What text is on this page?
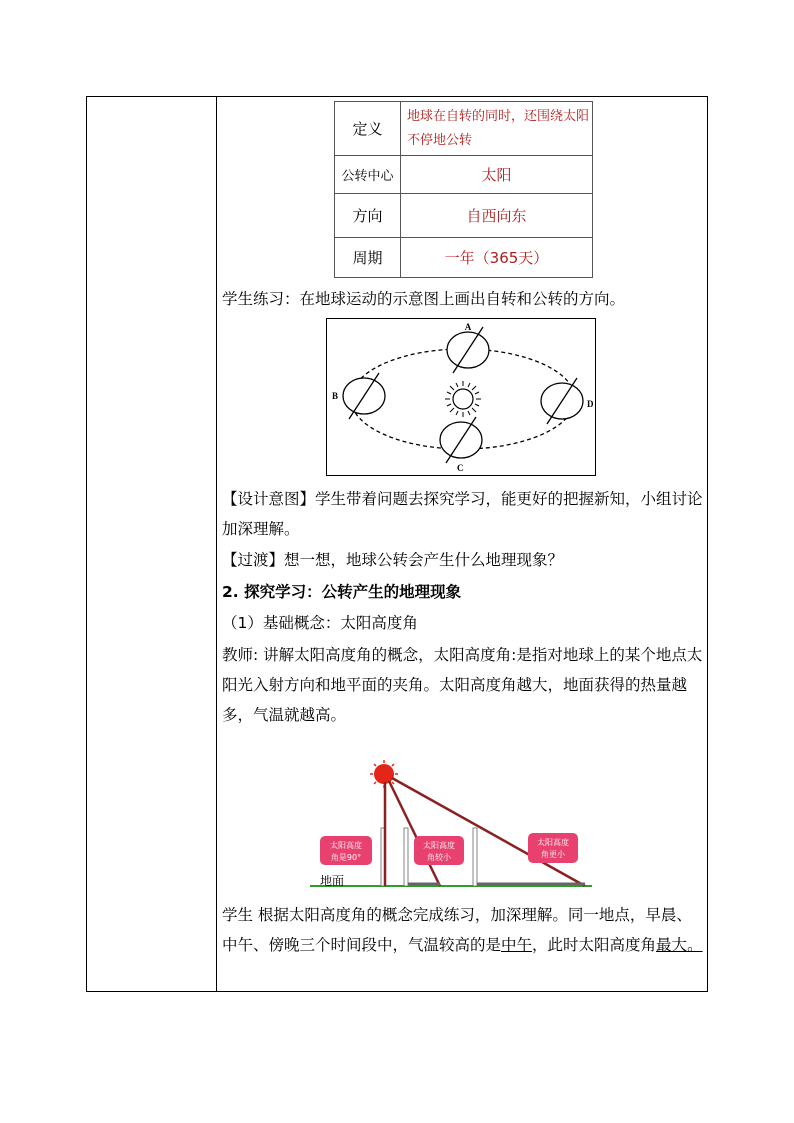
定义	地球在自转的同时，还围绕太阳不停地公转
公转中心	太阳
方向	自西向东
周期	一年（365天）

学生练习：在地球运动的示意图上画出自转和公转的方向。

A
B
C
D

【设计意图】学生带着问题去探究学习，能更好的把握新知，小组讨论加深理解。

【过渡】想一想，地球公转会产生什么地理现象？

2. 探究学习：公转产生的地理现象

（1）基础概念：太阳高度角

教师: 讲解太阳高度角的概念，太阳高度角:是指对地球上的某个地点太阳光入射方向和地平面的夹角。太阳高度角越大，地面获得的热量越多，气温就越高。

地面
太阳高度
角是90°
太阳高度
角较小
太阳高度
角更小

学生 根据太阳高度角的概念完成练习，加深理解。同一地点，早晨、中午、傍晚三个时间段中，气温较高的是中午，此时太阳高度角最大。
